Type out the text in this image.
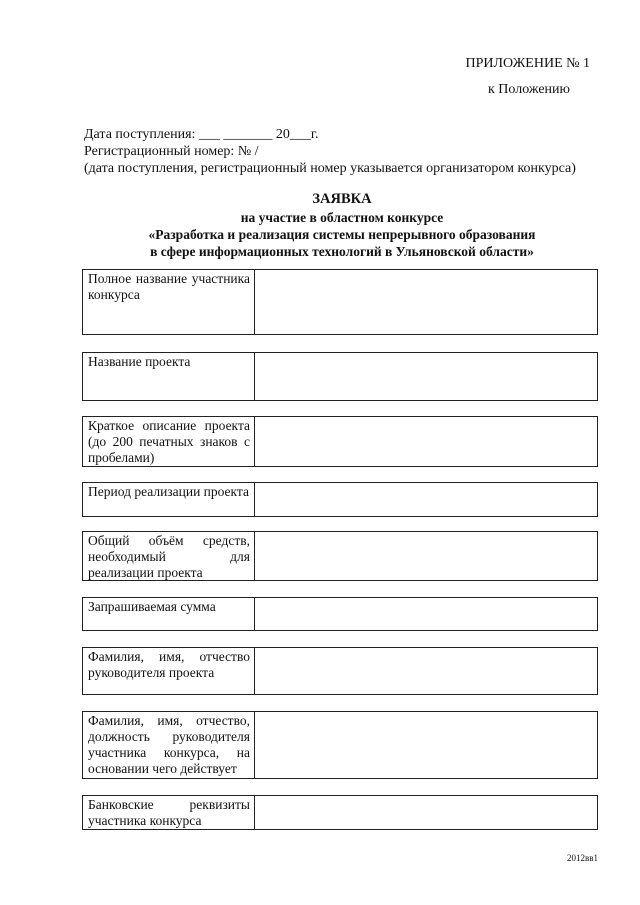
ПРИЛОЖЕНИЕ № 1
к Положению
Дата поступления: ___ _______ 20___г.
Регистрационный номер: № /
(дата поступления, регистрационный номер указывается организатором конкурса)
ЗАЯВКА
на участие в областном конкурсе
«Разработка и реализация системы непрерывного образования
в сфере информационных технологий в Ульяновской области»
Полное название участника конкурса
Название проекта
Краткое описание проекта (до 200 печатных знаков с пробелами)
Период реализации проекта
Общий объём средств, необходимый для реализации проекта
Запрашиваемая сумма
Фамилия, имя, отчество руководителя проекта
Фамилия, имя, отчество, должность руководителя участника конкурса, на основании чего действует
Банковские реквизиты участника конкурса
2012вв1
